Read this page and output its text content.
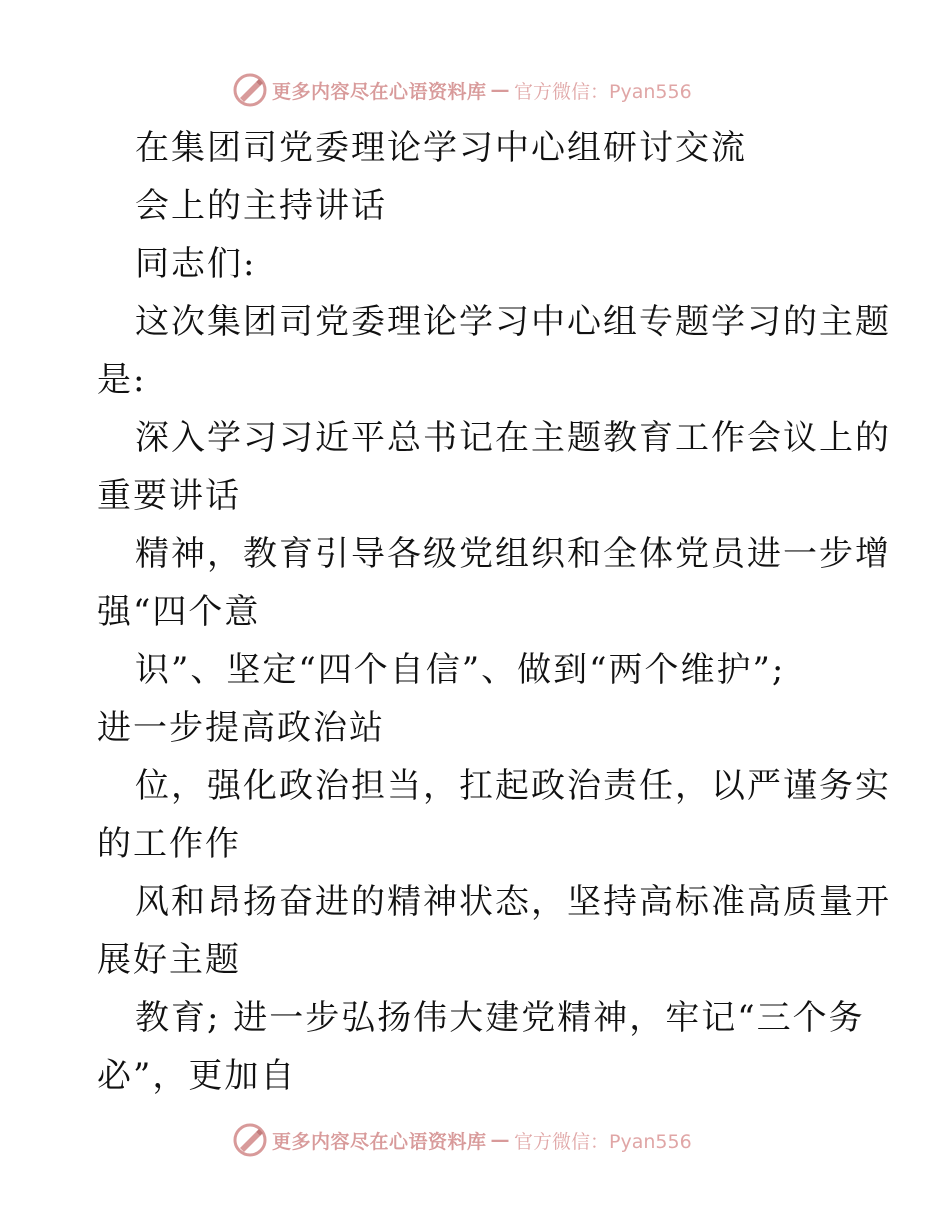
更多内容尽在心语资料库 — 官方微信：Pyan556
在集团司党委理论学习中心组研讨交流
会上的主持讲话
同志们:
这次集团司党委理论学习中心组专题学习的主题
是:
深入学习习近平总书记在主题教育工作会议上的
重要讲话
精神，教育引导各级党组织和全体党员进一步增
强“四个意
识”、坚定“四个自信”、做到“两个维护”;
进一步提高政治站
位，强化政治担当，扛起政治责任，以严谨务实
的工作作
风和昂扬奋进的精神状态，坚持高标准高质量开
展好主题
教育; 进一步弘扬伟大建党精神，牢记“三个务
必”，更加自
更多内容尽在心语资料库 — 官方微信：Pyan556
